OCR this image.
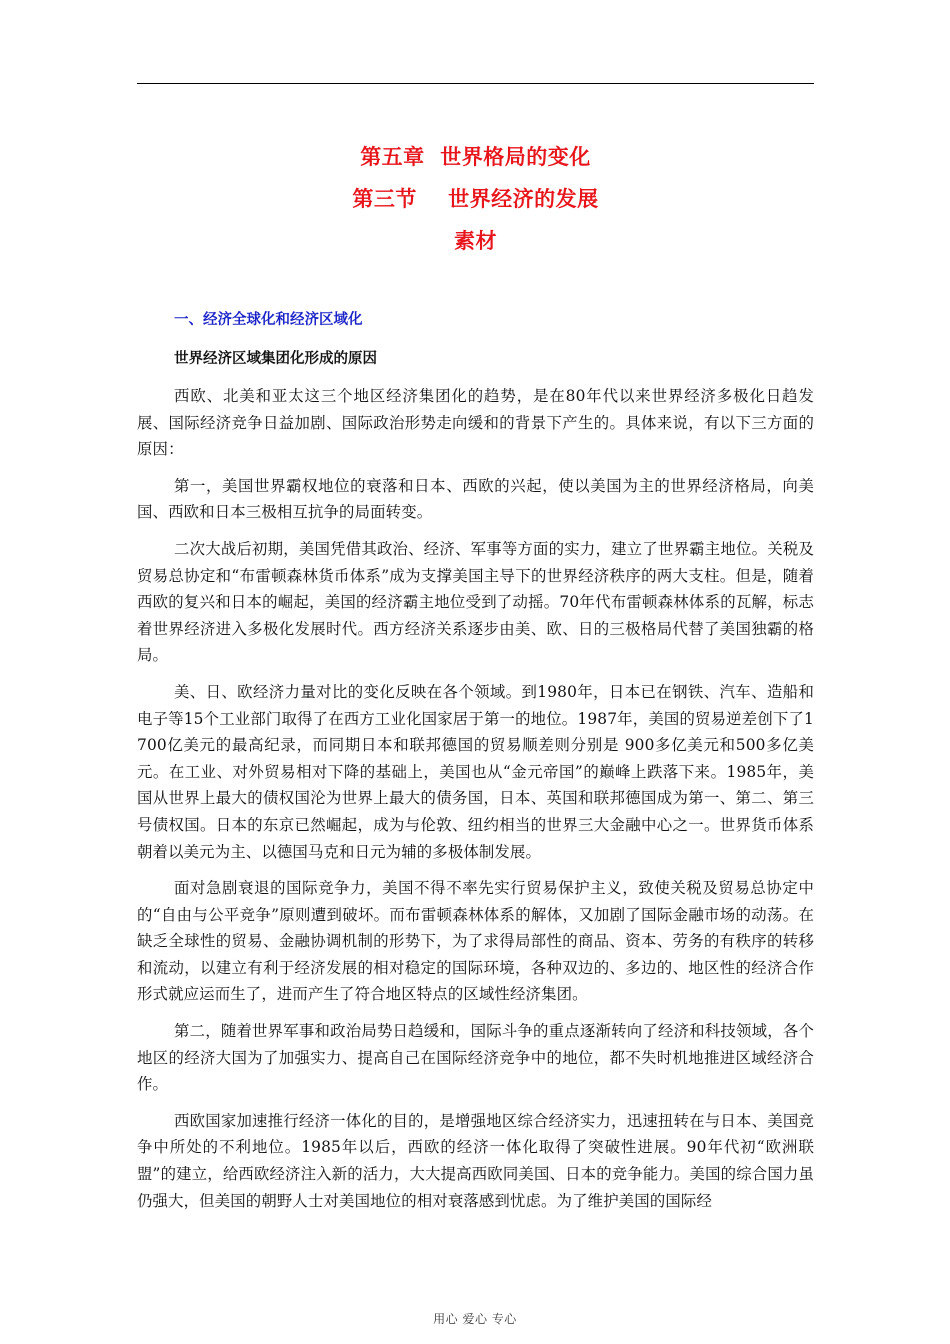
第五章  世界格局的变化
第三节    世界经济的发展
素材

一、经济全球化和经济区域化

世界经济区域集团化形成的原因

西欧、北美和亚太这三个地区经济集团化的趋势，是在80年代以来世界经济多极化日趋发展、国际经济竞争日益加剧、国际政治形势走向缓和的背景下产生的。具体来说，有以下三方面的原因：

第一，美国世界霸权地位的衰落和日本、西欧的兴起，使以美国为主的世界经济格局，向美国、西欧和日本三极相互抗争的局面转变。

二次大战后初期，美国凭借其政治、经济、军事等方面的实力，建立了世界霸主地位。关税及贸易总协定和“布雷顿森林货币体系”成为支撑美国主导下的世界经济秩序的两大支柱。但是，随着西欧的复兴和日本的崛起，美国的经济霸主地位受到了动摇。70年代布雷顿森林体系的瓦解，标志着世界经济进入多极化发展时代。西方经济关系逐步由美、欧、日的三极格局代替了美国独霸的格局。

美、日、欧经济力量对比的变化反映在各个领域。到1980年，日本已在钢铁、汽车、造船和电子等15个工业部门取得了在西方工业化国家居于第一的地位。1987年，美国的贸易逆差创下了1 700亿美元的最高纪录，而同期日本和联邦德国的贸易顺差则分别是 900多亿美元和500多亿美元。在工业、对外贸易相对下降的基础上，美国也从“金元帝国”的巅峰上跌落下来。1985年，美国从世界上最大的债权国沦为世界上最大的债务国，日本、英国和联邦德国成为第一、第二、第三号债权国。日本的东京已然崛起，成为与伦敦、纽约相当的世界三大金融中心之一。世界货币体系朝着以美元为主、以德国马克和日元为辅的多极体制发展。

面对急剧衰退的国际竞争力，美国不得不率先实行贸易保护主义，致使关税及贸易总协定中的“自由与公平竞争”原则遭到破坏。而布雷顿森林体系的解体，又加剧了国际金融市场的动荡。在缺乏全球性的贸易、金融协调机制的形势下，为了求得局部性的商品、资本、劳务的有秩序的转移和流动，以建立有利于经济发展的相对稳定的国际环境，各种双边的、多边的、地区性的经济合作形式就应运而生了，进而产生了符合地区特点的区域性经济集团。

第二，随着世界军事和政治局势日趋缓和，国际斗争的重点逐渐转向了经济和科技领域，各个地区的经济大国为了加强实力、提高自己在国际经济竞争中的地位，都不失时机地推进区域经济合作。

西欧国家加速推行经济一体化的目的，是增强地区综合经济实力，迅速扭转在与日本、美国竞争中所处的不利地位。1985年以后，西欧的经济一体化取得了突破性进展。90年代初“欧洲联盟”的建立，给西欧经济注入新的活力，大大提高西欧同美国、日本的竞争能力。美国的综合国力虽仍强大，但美国的朝野人士对美国地位的相对衰落感到忧虑。为了维护美国的国际经

用心 爱心 专心
